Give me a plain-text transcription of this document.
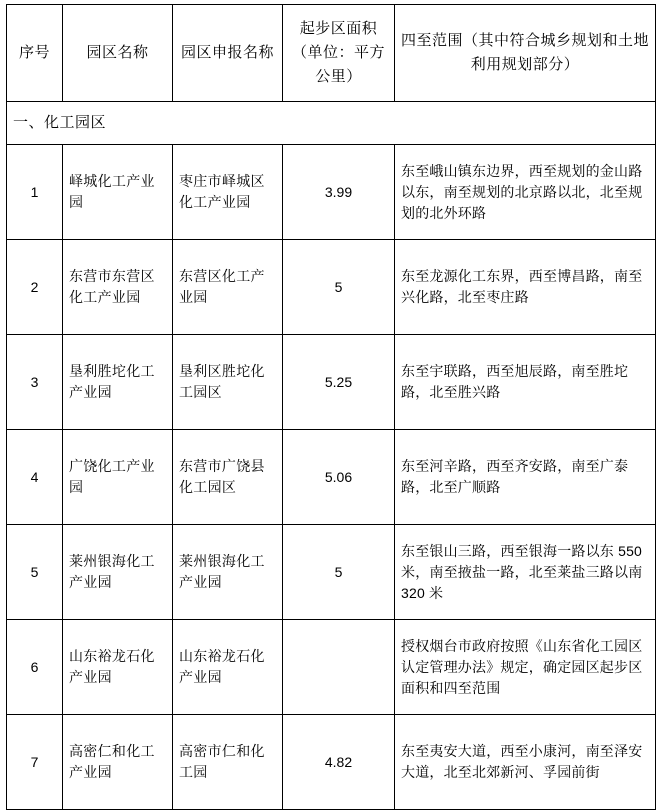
序号	园区名称	园区申报名称	起步区面积（单位：平方公里）	四至范围（其中符合城乡规划和土地利用规划部分）
一、化工园区				
1	峄城化工产业园	枣庄市峄城区化工产业园	3.99	东至峨山镇东边界，西至规划的金山路以东，南至规划的北京路以北，北至规划的北外环路
2	东营市东营区化工产业园	东营区化工产业园	5	东至龙源化工东界，西至博昌路，南至兴化路，北至枣庄路
3	垦利胜坨化工产业园	垦利区胜坨化工园区	5.25	东至宇联路，西至旭辰路，南至胜坨路，北至胜兴路
4	广饶化工产业园	东营市广饶县化工园区	5.06	东至河辛路，西至齐安路，南至广泰路，北至广顺路
5	莱州银海化工产业园	莱州银海化工产业园	5	东至银山三路，西至银海一路以东 550 米，南至掖盐一路，北至莱盐三路以南 320 米
6	山东裕龙石化产业园	山东裕龙石化产业园		授权烟台市政府按照《山东省化工园区认定管理办法》规定，确定园区起步区面积和四至范围
7	高密仁和化工产业园	高密市仁和化工园	4.82	东至夷安大道，西至小康河，南至泽安大道，北至北郊新河、孚园前街
